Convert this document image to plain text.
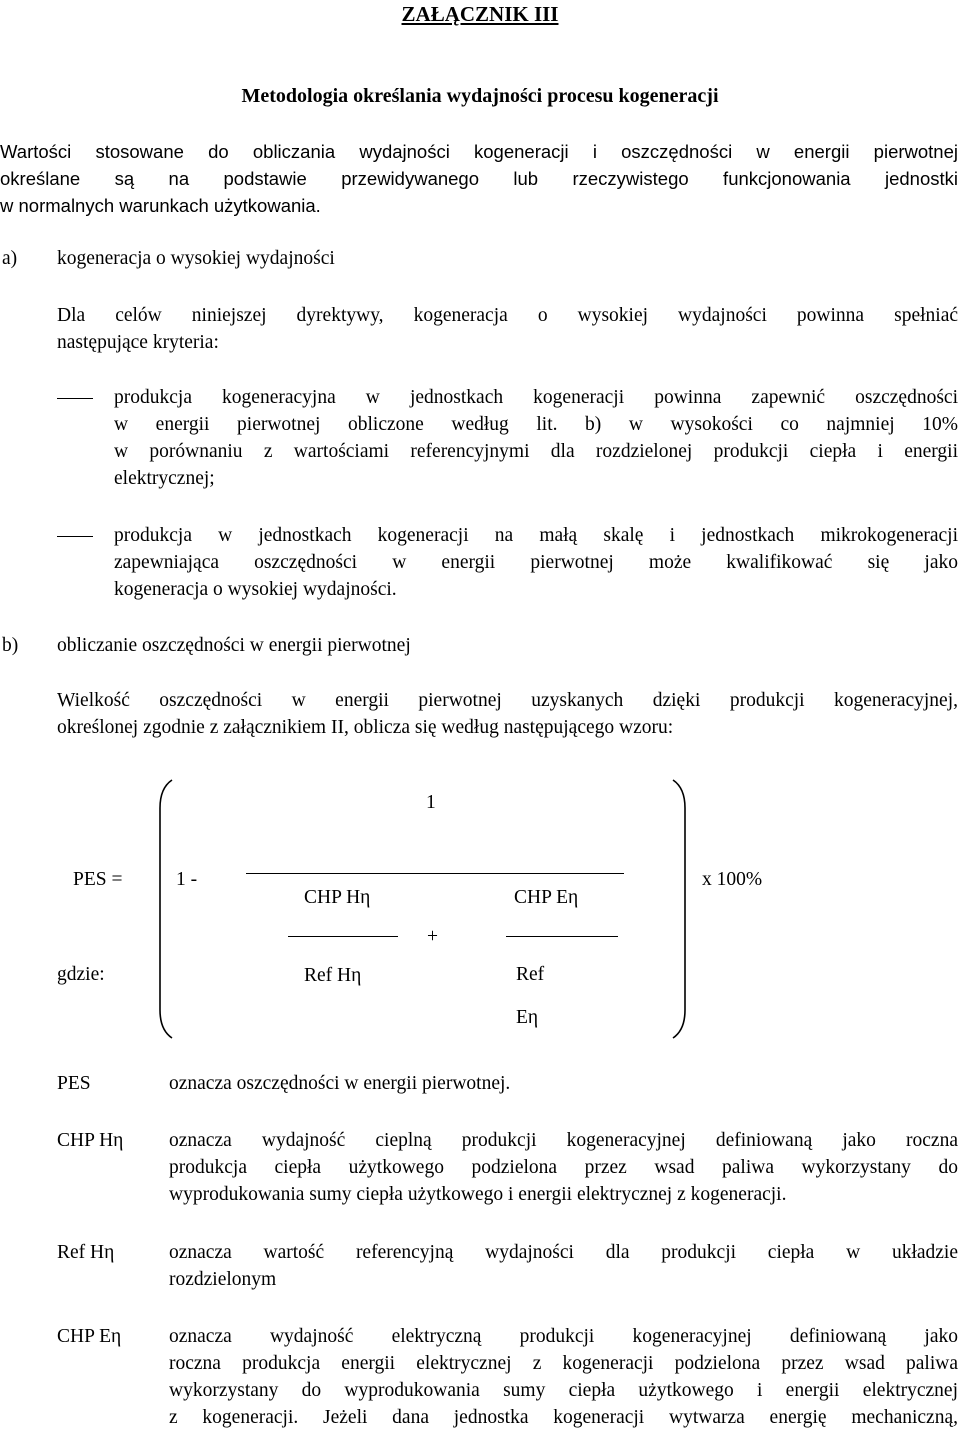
ZAŁĄCZNIK III
Metodologia określania wydajności procesu kogeneracji
Wartości stosowane do obliczania wydajności kogeneracji i oszczędności w energii pierwotnej
określane są na podstawie przewidywanego lub rzeczywistego funkcjonowania jednostki
w normalnych warunkach użytkowania.
a) kogeneracja o wysokiej wydajności
Dla celów niniejszej dyrektywy, kogeneracja o wysokiej wydajności powinna spełniać
następujące kryteria:
produkcja kogeneracyjna w jednostkach kogeneracji powinna zapewnić oszczędności
w energii pierwotnej obliczone według lit. b) w wysokości co najmniej 10%
w porównaniu z wartościami referencyjnymi dla rozdzielonej produkcji ciepła i energii
elektrycznej;
produkcja w jednostkach kogeneracji na małą skalę i jednostkach mikrokogeneracji
zapewniająca oszczędności w energii pierwotnej może kwalifikować się jako
kogeneracja o wysokiej wydajności.
b) obliczanie oszczędności w energii pierwotnej
Wielkość oszczędności w energii pierwotnej uzyskanych dzięki produkcji kogeneracyjnej,
określonej zgodnie z załącznikiem II, oblicza się według następującego wzoru:
1
PES =	1 -	x 100%
CHP Hη	CHP Eη
+
gdzie:	Ref Hη	Ref
Eη
PES	oznacza oszczędności w energii pierwotnej.
CHP Hη oznacza wydajność cieplną produkcji kogeneracyjnej definiowaną jako roczna
produkcja ciepła użytkowego podzielona przez wsad paliwa wykorzystany do
wyprodukowania sumy ciepła użytkowego i energii elektrycznej z kogeneracji.
Ref Hη	oznacza wartość referencyjną wydajności dla produkcji ciepła w układzie
rozdzielonym
CHP Eη oznacza wydajność elektryczną produkcji kogeneracyjnej definiowaną jako
roczna produkcja energii elektrycznej z kogeneracji podzielona przez wsad paliwa
wykorzystany do wyprodukowania sumy ciepła użytkowego i energii elektrycznej
z kogeneracji. Jeżeli dana jednostka kogeneracji wytwarza energię mechaniczną,
